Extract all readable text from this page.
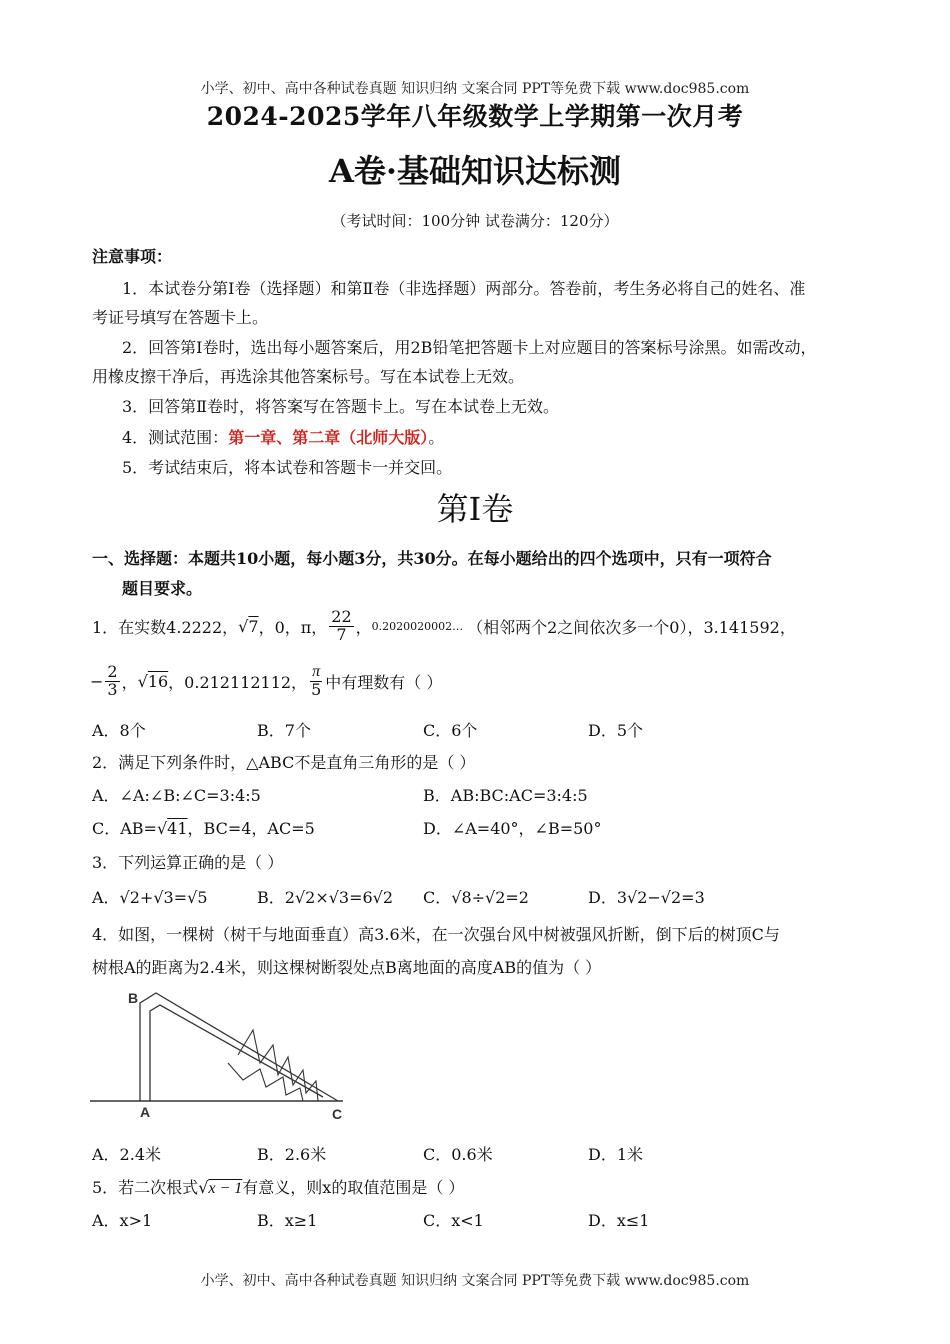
小学、初中、高中各种试卷真题 知识归纳 文案合同 PPT等免费下载 www.doc985.com
2024-2025学年八年级数学上学期第一次月考
A卷·基础知识达标测
（考试时间：100分钟 试卷满分：120分）
注意事项：
1．本试卷分第Ⅰ卷（选择题）和第Ⅱ卷（非选择题）两部分。答卷前，考生务必将自己的姓名、准
考证号填写在答题卡上。
2．回答第Ⅰ卷时，选出每小题答案后，用2B铅笔把答题卡上对应题目的答案标号涂黑。如需改动，
用橡皮擦干净后，再选涂其他答案标号。写在本试卷上无效。
3．回答第Ⅱ卷时，将答案写在答题卡上。写在本试卷上无效。
4．测试范围：第一章、第二章（北师大版）。
5．考试结束后，将本试卷和答题卡一并交回。
第Ⅰ卷
一、选择题：本题共10小题，每小题3分，共30分。在每小题给出的四个选项中，只有一项符合
题目要求。
1．在实数4.2222， √7 ，0，π， $\frac{22}{7}$ ， 0.2020020002… （相邻两个2之间依次多一个0），3.141592，
− $\frac{2}{3}$ ， √16 ，0.212112112， $\frac{\pi}{5}$ 中有理数有（ ）
A．8个	B．7个	C．6个	D．5个
2．满足下列条件时，△ABC不是直角三角形的是（ ）
A．∠A:∠B:∠C=3:4:5	B．AB:BC:AC=3:4:5
C．AB=√41，BC=4，AC=5	D．∠A=40°，∠B=50°
3．下列运算正确的是（ ）
A．√2+√3=√5	B．2√2×√3=6√2 C．√8÷√2=2	D．3√2−√2=3
4．如图，一棵树（树干与地面垂直）高3.6米，在一次强台风中树被强风折断，倒下后的树顶C与
树根A的距离为2.4米，则这棵树断裂处点B离地面的高度AB的值为（ ）
B
A	C
A．2.4米	B．2.6米	C．0.6米	D．1米
5．若二次根式√x − 1有意义，则x的取值范围是（ ）
A．x>1	B．x≥1	C．x<1	D．x≤1
小学、初中、高中各种试卷真题 知识归纳 文案合同 PPT等免费下载 www.doc985.com
